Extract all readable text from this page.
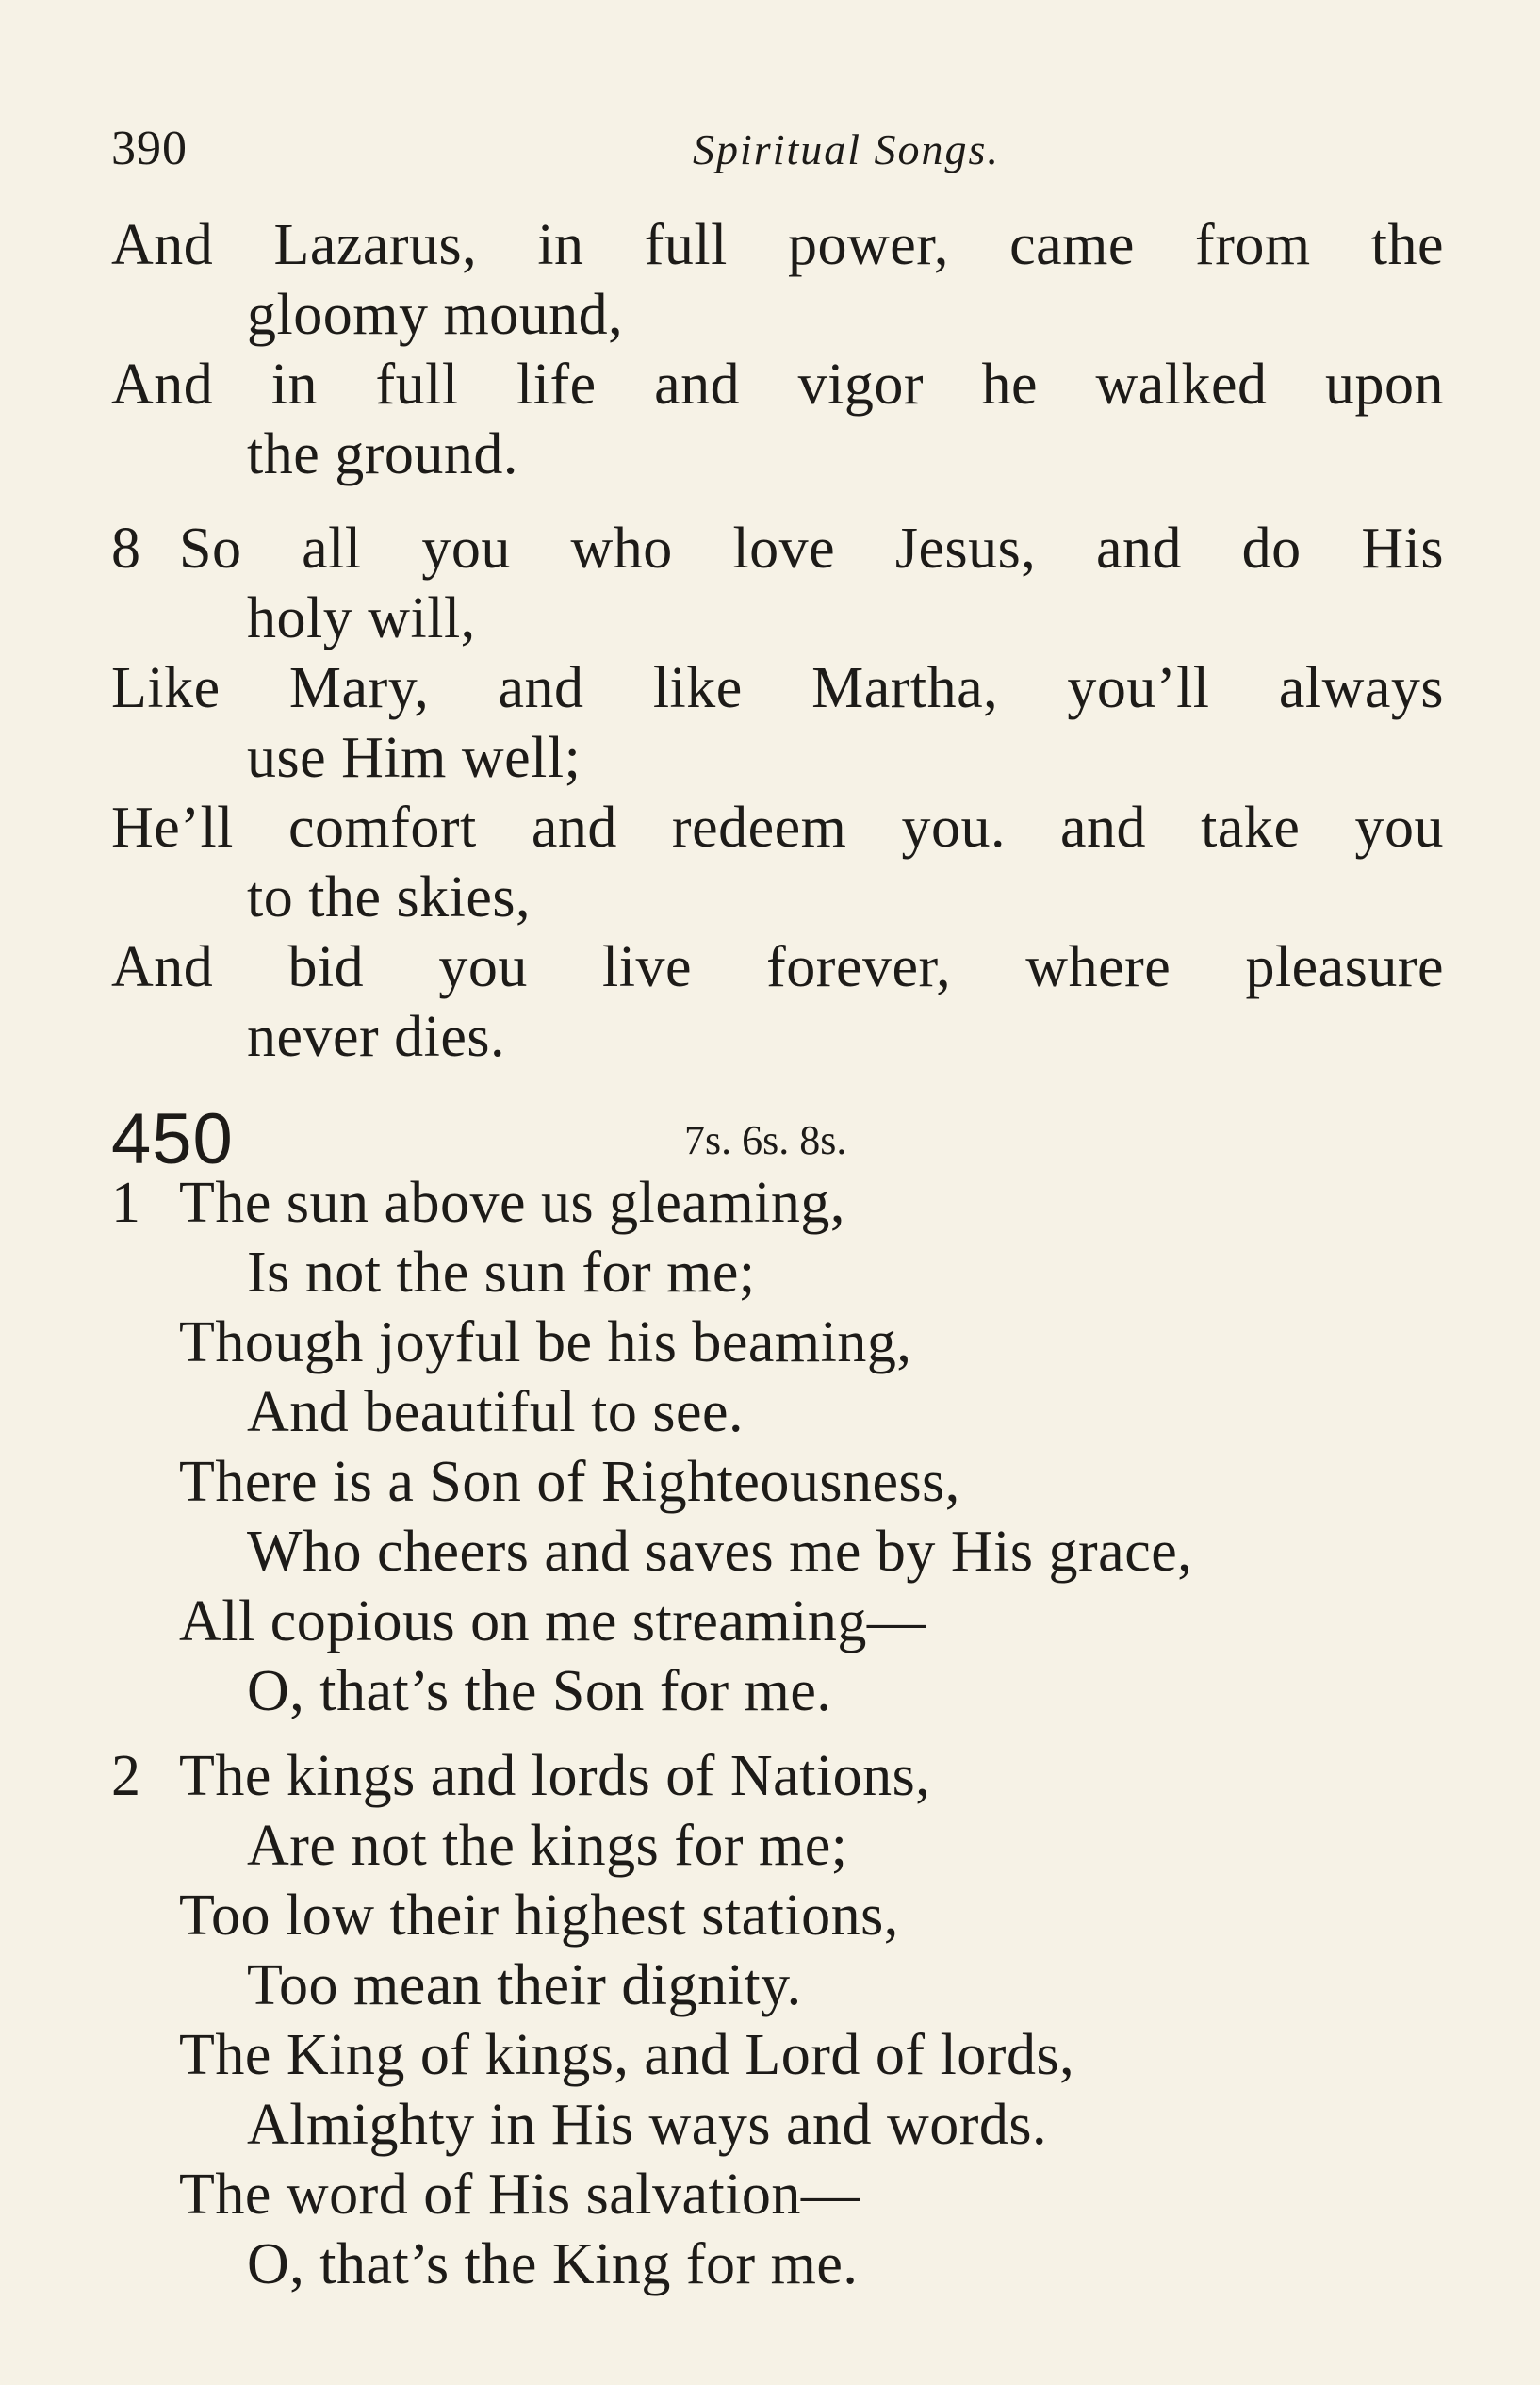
390	Spiritual Songs.
And Lazarus, in full power, came from the
gloomy mound,
And in full life and vigor he walked upon
the ground.
8 So all you who love Jesus, and do His
holy will,
Like Mary, and like Martha, you’ll always
use Him well;
He’ll comfort and redeem you. and take you
to the skies,
And bid you live forever, where pleasure
never dies.
450	7s. 6s. 8s.
1 The sun above us gleaming,
Is not the sun for me;
Though joyful be his beaming,
And beautiful to see.
There is a Son of Righteousness,
Who cheers and saves me by His grace,
All copious on me streaming—
O, that’s the Son for me.
2 The kings and lords of Nations,
Are not the kings for me;
Too low their highest stations,
Too mean their dignity.
The King of kings, and Lord of lords,
Almighty in His ways and words.
The word of His salvation—
O, that’s the King for me.
